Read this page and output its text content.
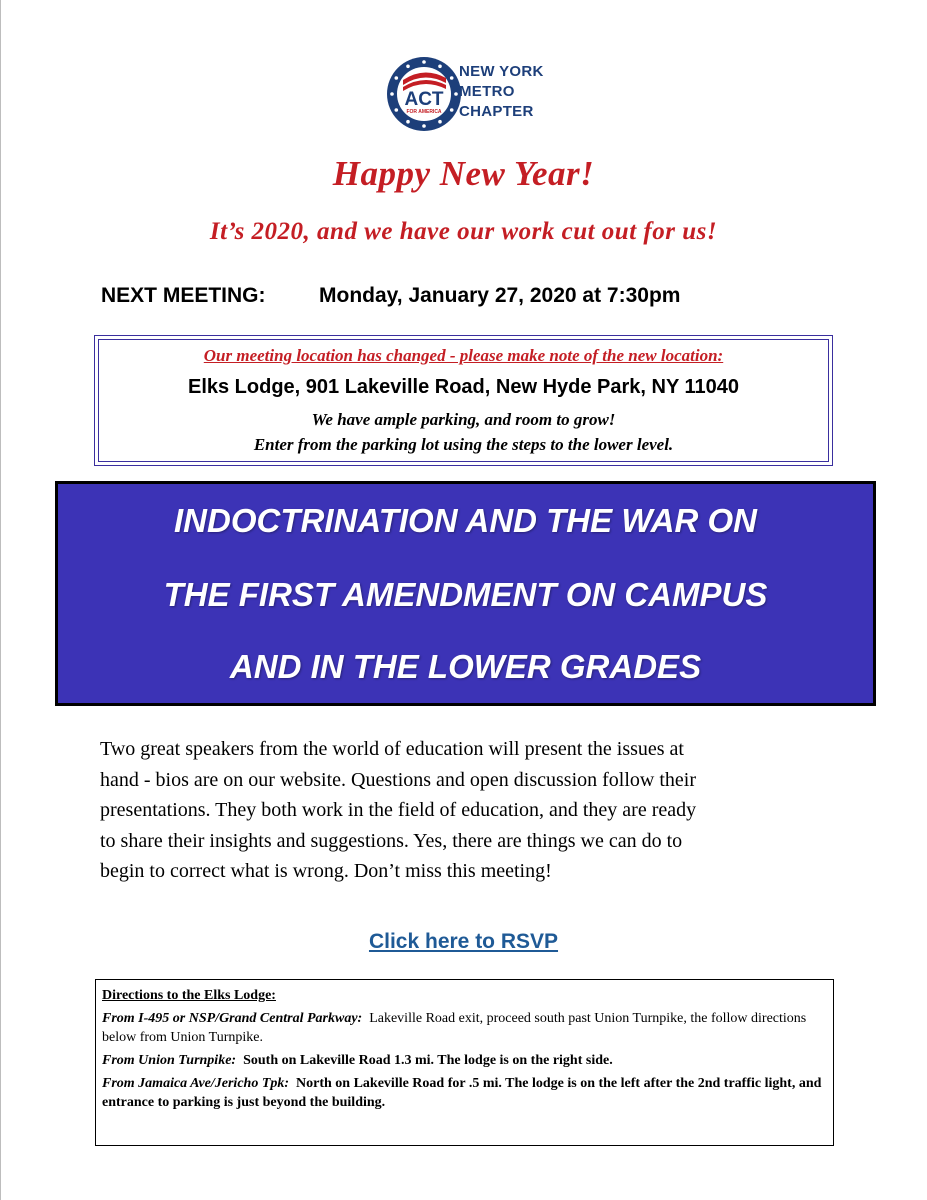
ACT
FOR AMERICA
NEW YORK
METRO
CHAPTER
Happy New Year!
It’s 2020, and we have our work cut out for us!
NEXT MEETING:	Monday, January 27, 2020 at 7:30pm
Our meeting location has changed - please make note of the new location:
Elks Lodge, 901 Lakeville Road, New Hyde Park, NY 11040
We have ample parking, and room to grow!
Enter from the parking lot using the steps to the lower level.
INDOCTRINATION AND THE WAR ON
THE FIRST AMENDMENT ON CAMPUS
AND IN THE LOWER GRADES
Two great speakers from the world of education will present the issues at
hand - bios are on our website. Questions and open discussion follow their
presentations. They both work in the field of education, and they are ready
to share their insights and suggestions. Yes, there are things we can do to
begin to correct what is wrong. Don’t miss this meeting!
Click here to RSVP
Directions to the Elks Lodge:
From I-495 or NSP/Grand Central Parkway: Lakeville Road exit, proceed south past Union Turnpike, the follow directions below from Union Turnpike.
From Union Turnpike: South on Lakeville Road 1.3 mi. The lodge is on the right side.
From Jamaica Ave/Jericho Tpk: North on Lakeville Road for .5 mi. The lodge is on the left after the 2nd traffic light, and entrance to parking is just beyond the building.
